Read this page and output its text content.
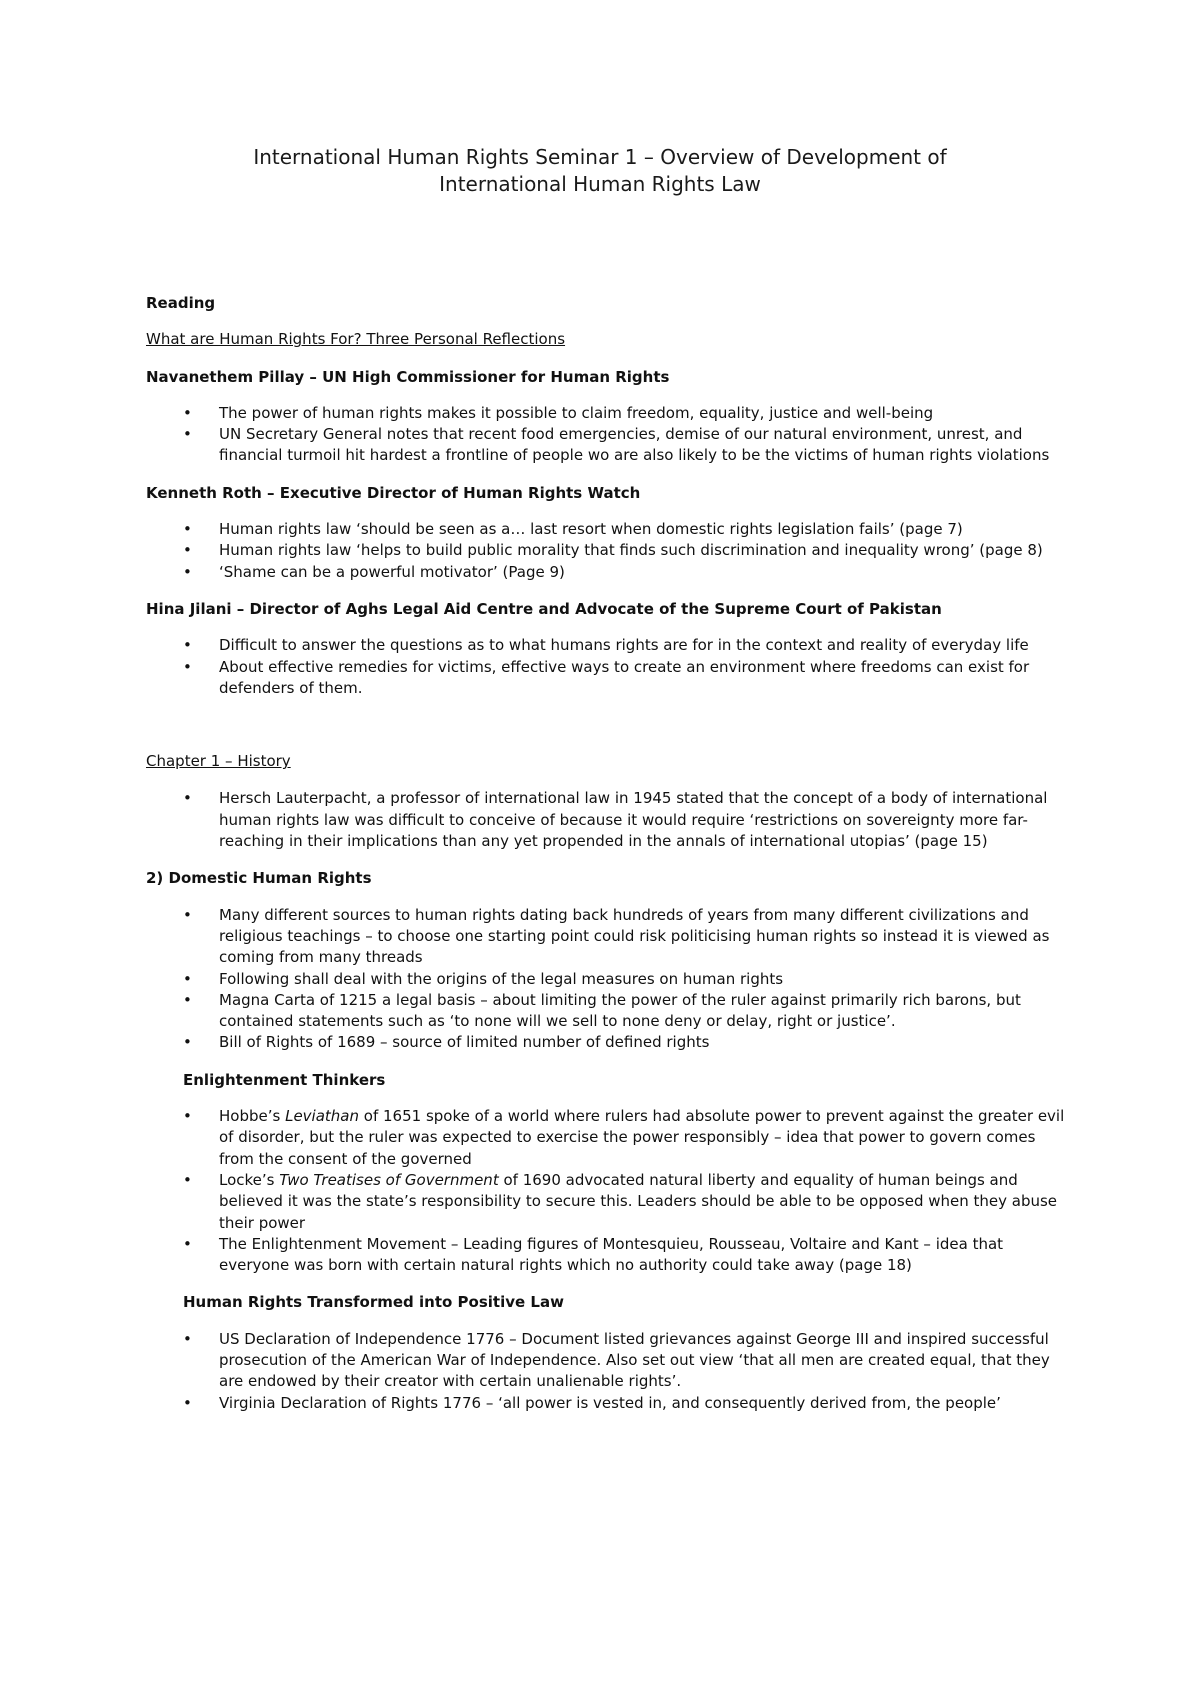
International Human Rights Seminar 1 – Overview of Development of
International Human Rights Law

Reading

What are Human Rights For? Three Personal Reflections

Navanethem Pillay – UN High Commissioner for Human Rights

• The power of human rights makes it possible to claim freedom, equality, justice and well-being
• UN Secretary General notes that recent food emergencies, demise of our natural environment, unrest, and financial turmoil hit hardest a frontline of people wo are also likely to be the victims of human rights violations

Kenneth Roth – Executive Director of Human Rights Watch

• Human rights law ‘should be seen as a… last resort when domestic rights legislation fails’ (page 7)
• Human rights law ‘helps to build public morality that finds such discrimination and inequality wrong’ (page 8)
• ‘Shame can be a powerful motivator’ (Page 9)

Hina Jilani – Director of Aghs Legal Aid Centre and Advocate of the Supreme Court of Pakistan

• Difficult to answer the questions as to what humans rights are for in the context and reality of everyday life
• About effective remedies for victims, effective ways to create an environment where freedoms can exist for defenders of them.

Chapter 1 – History

• Hersch Lauterpacht, a professor of international law in 1945 stated that the concept of a body of international human rights law was difficult to conceive of because it would require ‘restrictions on sovereignty more far-reaching in their implications than any yet propended in the annals of international utopias’ (page 15)

2) Domestic Human Rights

• Many different sources to human rights dating back hundreds of years from many different civilizations and religious teachings – to choose one starting point could risk politicising human rights so instead it is viewed as coming from many threads
• Following shall deal with the origins of the legal measures on human rights
• Magna Carta of 1215 a legal basis – about limiting the power of the ruler against primarily rich barons, but contained statements such as ‘to none will we sell to none deny or delay, right or justice’.
• Bill of Rights of 1689 – source of limited number of defined rights

Enlightenment Thinkers

• Hobbe’s Leviathan of 1651 spoke of a world where rulers had absolute power to prevent against the greater evil of disorder, but the ruler was expected to exercise the power responsibly – idea that power to govern comes from the consent of the governed
• Locke’s Two Treatises of Government of 1690 advocated natural liberty and equality of human beings and believed it was the state’s responsibility to secure this. Leaders should be able to be opposed when they abuse their power
• The Enlightenment Movement – Leading figures of Montesquieu, Rousseau, Voltaire and Kant – idea that everyone was born with certain natural rights which no authority could take away (page 18)

Human Rights Transformed into Positive Law

• US Declaration of Independence 1776 – Document listed grievances against George III and inspired successful prosecution of the American War of Independence. Also set out view ‘that all men are created equal, that they are endowed by their creator with certain unalienable rights’.
• Virginia Declaration of Rights 1776 – ‘all power is vested in, and consequently derived from, the people’
